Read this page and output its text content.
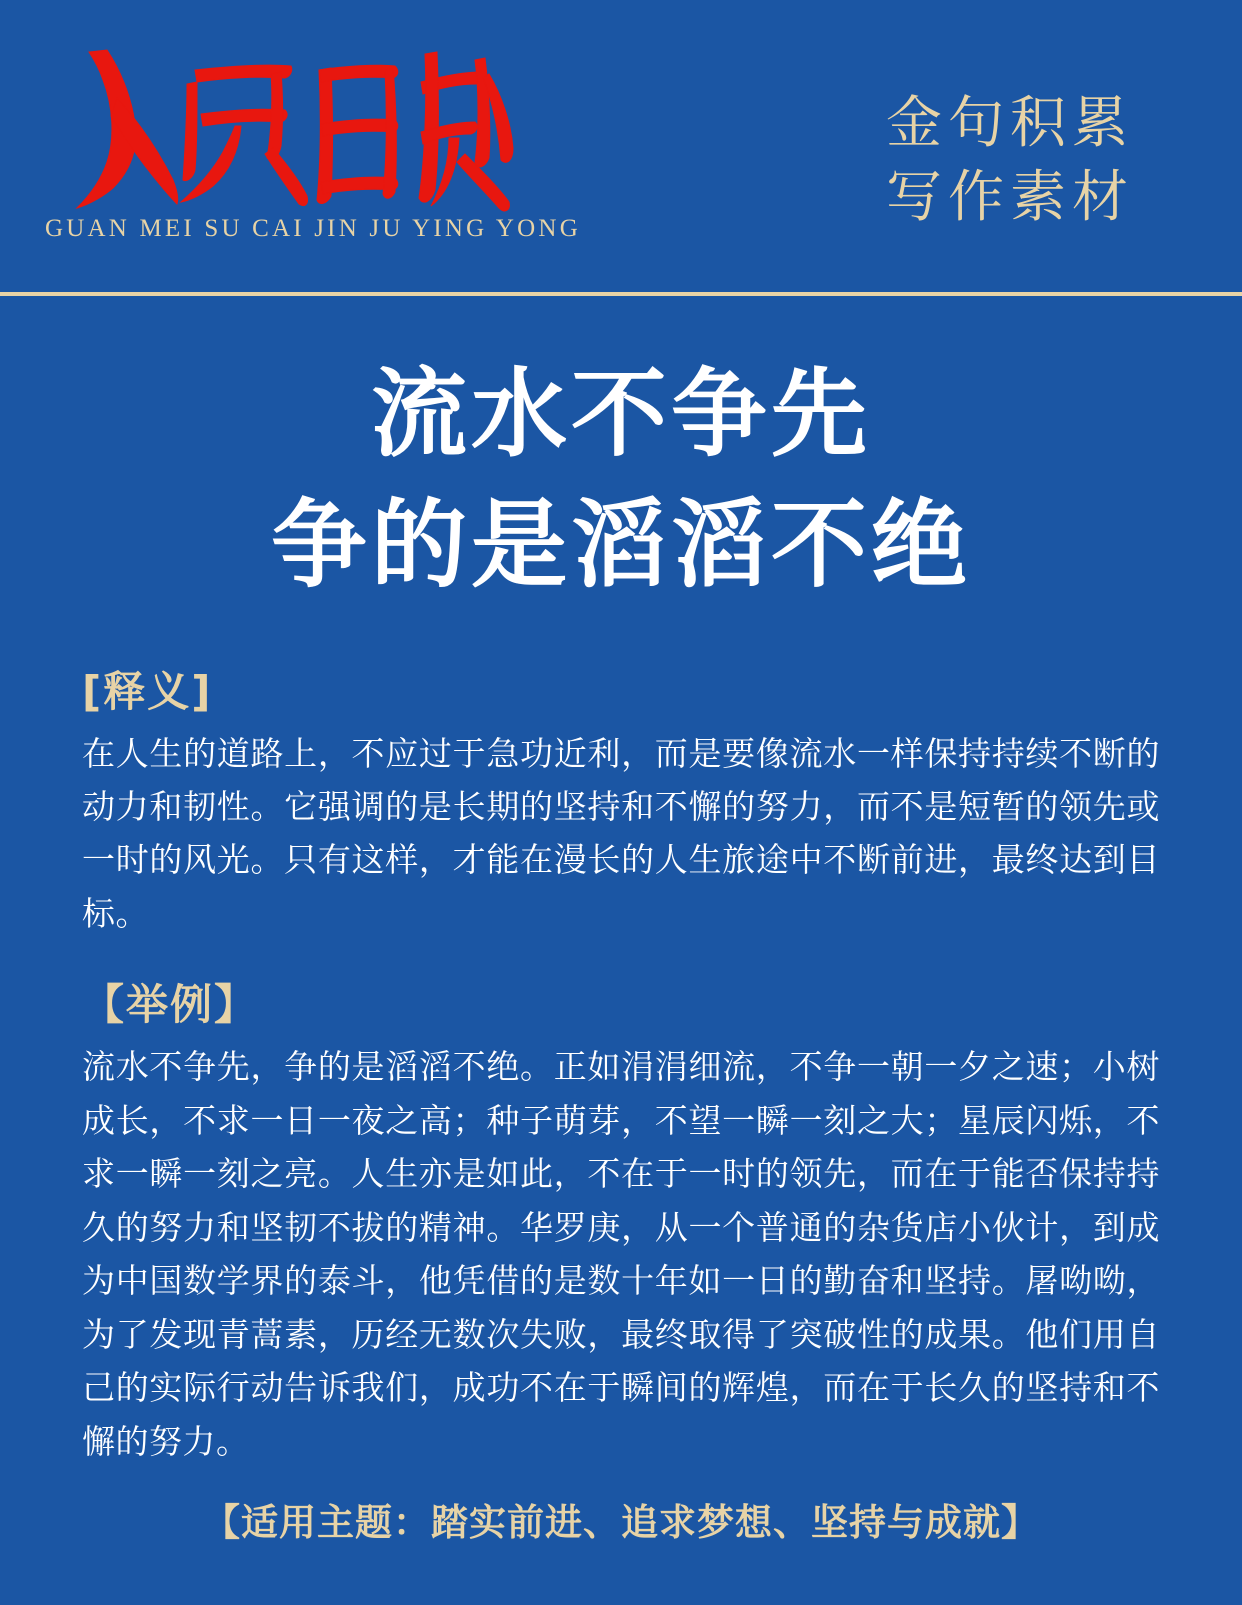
GUAN MEI SU CAI JIN JU YING YONG
金句积累
写作素材
流水不争先
争的是滔滔不绝
[释义]
在人生的道路上，不应过于急功近利，而是要像流水一样保持持续不断的动力和韧性。它强调的是长期的坚持和不懈的努力，而不是短暂的领先或一时的风光。只有这样，才能在漫长的人生旅途中不断前进，最终达到目标。
【举例】
流水不争先，争的是滔滔不绝。正如涓涓细流，不争一朝一夕之速；小树成长，不求一日一夜之高；种子萌芽，不望一瞬一刻之大；星辰闪烁，不求一瞬一刻之亮。人生亦是如此，不在于一时的领先，而在于能否保持持久的努力和坚韧不拔的精神。华罗庚，从一个普通的杂货店小伙计，到成为中国数学界的泰斗，他凭借的是数十年如一日的勤奋和坚持。屠呦呦，为了发现青蒿素，历经无数次失败，最终取得了突破性的成果。他们用自己的实际行动告诉我们，成功不在于瞬间的辉煌，而在于长久的坚持和不懈的努力。
【适用主题：踏实前进、追求梦想、坚持与成就】
